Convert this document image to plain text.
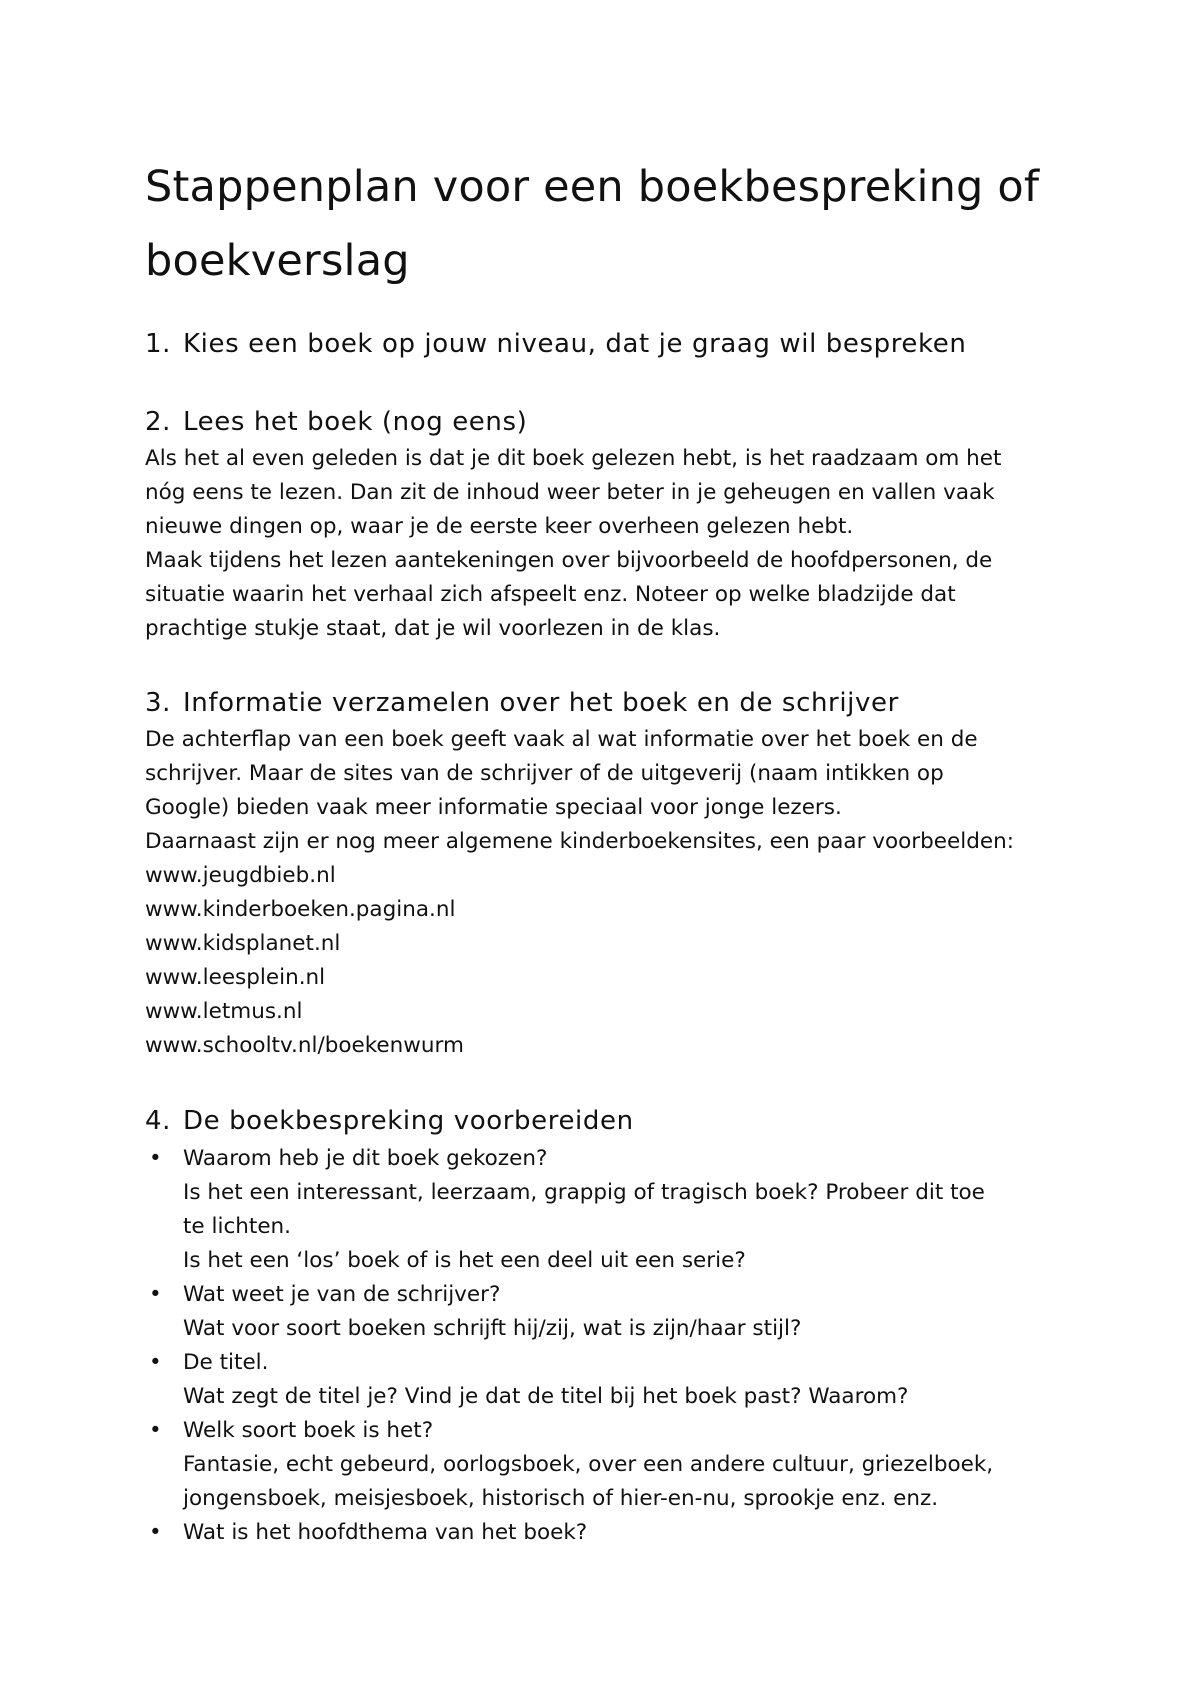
Stappenplan voor een boekbespreking of
boekverslag
1. Kies een boek op jouw niveau, dat je graag wil bespreken
2. Lees het boek (nog eens)
Als het al even geleden is dat je dit boek gelezen hebt, is het raadzaam om het
nóg eens te lezen. Dan zit de inhoud weer beter in je geheugen en vallen vaak
nieuwe dingen op, waar je de eerste keer overheen gelezen hebt.
Maak tijdens het lezen aantekeningen over bijvoorbeeld de hoofdpersonen, de
situatie waarin het verhaal zich afspeelt enz. Noteer op welke bladzijde dat
prachtige stukje staat, dat je wil voorlezen in de klas.
3. Informatie verzamelen over het boek en de schrijver
De achterflap van een boek geeft vaak al wat informatie over het boek en de
schrijver. Maar de sites van de schrijver of de uitgeverij (naam intikken op
Google) bieden vaak meer informatie speciaal voor jonge lezers.
Daarnaast zijn er nog meer algemene kinderboekensites, een paar voorbeelden:
www.jeugdbieb.nl
www.kinderboeken.pagina.nl
www.kidsplanet.nl
www.leesplein.nl
www.letmus.nl
www.schooltv.nl/boekenwurm
4. De boekbespreking voorbereiden
• Waarom heb je dit boek gekozen?
Is het een interessant, leerzaam, grappig of tragisch boek? Probeer dit toe
te lichten.
Is het een ‘los’ boek of is het een deel uit een serie?
• Wat weet je van de schrijver?
Wat voor soort boeken schrijft hij/zij, wat is zijn/haar stijl?
• De titel.
Wat zegt de titel je? Vind je dat de titel bij het boek past? Waarom?
• Welk soort boek is het?
Fantasie, echt gebeurd, oorlogsboek, over een andere cultuur, griezelboek,
jongensboek, meisjesboek, historisch of hier-en-nu, sprookje enz. enz.
• Wat is het hoofdthema van het boek?
